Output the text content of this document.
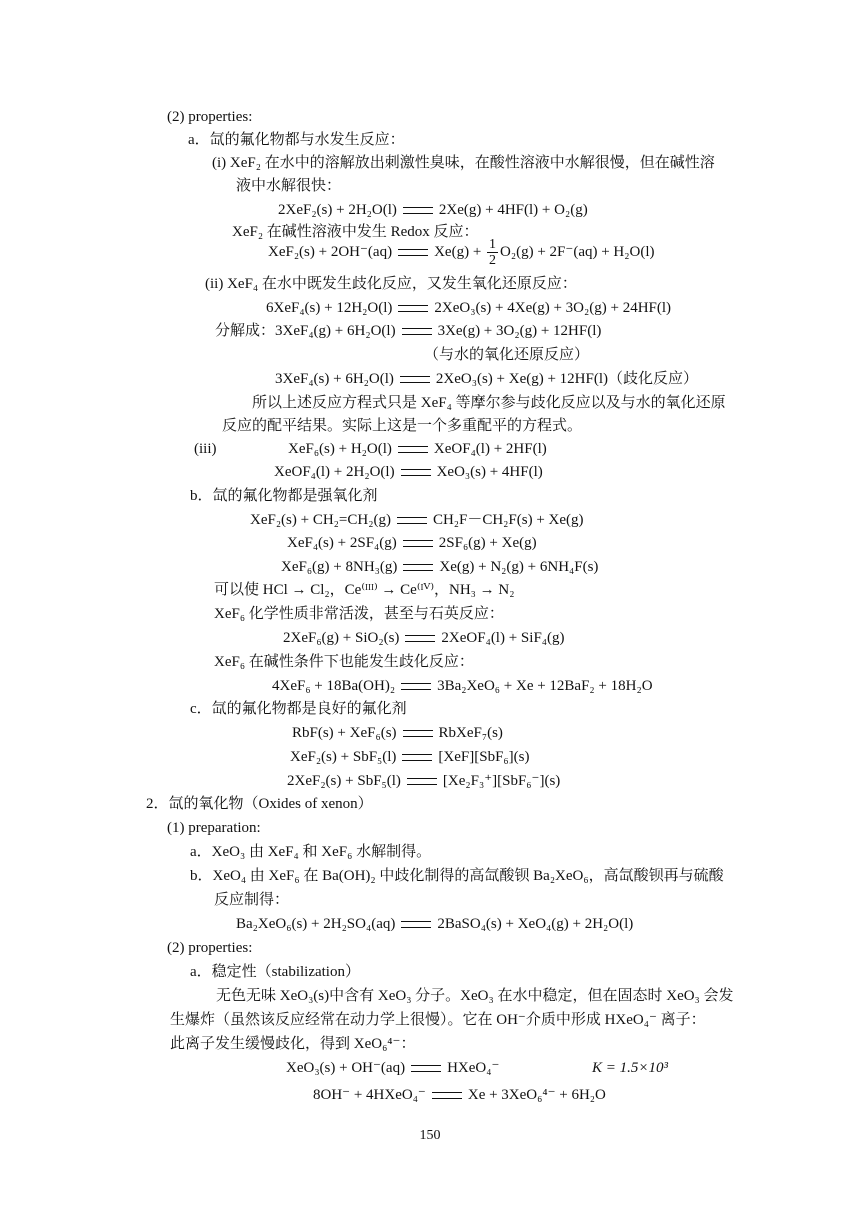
(2) properties:
a．氙的氟化物都与水发生反应：
(i) XeF₂ 在水中的溶解放出刺激性臭味，在酸性溶液中水解很慢，但在碱性溶
液中水解很快：
2XeF₂(s) + 2H₂O(l)	2Xe(g) + 4HF(l) + O₂(g)
XeF₂ 在碱性溶液中发生 Redox 反应：
XeF₂(s) + 2OH⁻(aq)	$Xe(g) + \frac{1}{2} O_2(g) + 2F^-(aq) + H_2O(l)$
(ii) XeF₄ 在水中既发生歧化反应，又发生氧化还原反应：
6XeF₄(s) + 12H₂O(l)	2XeO₃(s) + 4Xe(g) + 3O₂(g) + 24HF(l)
分解成：3XeF₄(g) + 6H₂O(l)	3Xe(g) + 3O₂(g) + 12HF(l)
（与水的氧化还原反应）
3XeF₄(s) + 6H₂O(l)	2XeO₃(s) + Xe(g) + 12HF(l)（歧化反应）
所以上述反应方程式只是 XeF₄ 等摩尔参与歧化反应以及与水的氧化还原
反应的配平结果。实际上这是一个多重配平的方程式。
(iii)	XeF₆(s) + H₂O(l)	XeOF₄(l) + 2HF(l)
XeOF₄(l) + 2H₂O(l)	XeO₃(s) + 4HF(l)
b．氙的氟化物都是强氧化剂
XeF₂(s) + CH₂=CH₂(g)	CH₂F－CH₂F(s) + Xe(g)
XeF₄(s) + 2SF₄(g)	2SF₆(g) + Xe(g)
XeF₆(g) + 8NH₃(g)	Xe(g) + N₂(g) + 6NH₄F(s)
可以使 HCl → Cl₂，Ce⁽ᴵᴵᴵ⁾ → Ce⁽ᴵⱽ⁾，NH₃ → N₂
XeF₆ 化学性质非常活泼，甚至与石英反应：
2XeF₆(g) + SiO₂(s)	2XeOF₄(l) + SiF₄(g)
XeF₆ 在碱性条件下也能发生歧化反应：
4XeF₆ + 18Ba(OH)₂	3Ba₂XeO₆ + Xe + 12BaF₂ + 18H₂O
c．氙的氟化物都是良好的氟化剂
RbF(s) + XeF₆(s)	RbXeF₇(s)
XeF₂(s) + SbF₅(l)	[XeF][SbF₆](s)
2XeF₂(s) + SbF₅(l)	[Xe₂F₃⁺][SbF₆⁻](s)
2．氙的氧化物（Oxides of xenon）
(1) preparation:
a．XeO₃ 由 XeF₄ 和 XeF₆ 水解制得。
b．XeO₄ 由 XeF₆ 在 Ba(OH)₂ 中歧化制得的高氙酸钡 Ba₂XeO₆，高氙酸钡再与硫酸
反应制得：
Ba₂XeO₆(s) + 2H₂SO₄(aq)	2BaSO₄(s) + XeO₄(g) + 2H₂O(l)
(2) properties:
a．稳定性（stabilization）
无色无味 XeO₃(s)中含有 XeO₃ 分子。XeO₃ 在水中稳定，但在固态时 XeO₃ 会发
生爆炸（虽然该反应经常在动力学上很慢）。它在 OH⁻介质中形成 HXeO₄⁻ 离子：
此离子发生缓慢歧化，得到 XeO₆⁴⁻：
XeO₃(s) + OH⁻(aq)	HXeO₄⁻	K = 1.5×10³
8OH⁻ + 4HXeO₄⁻	Xe + 3XeO₆⁴⁻ + 6H₂O
150
